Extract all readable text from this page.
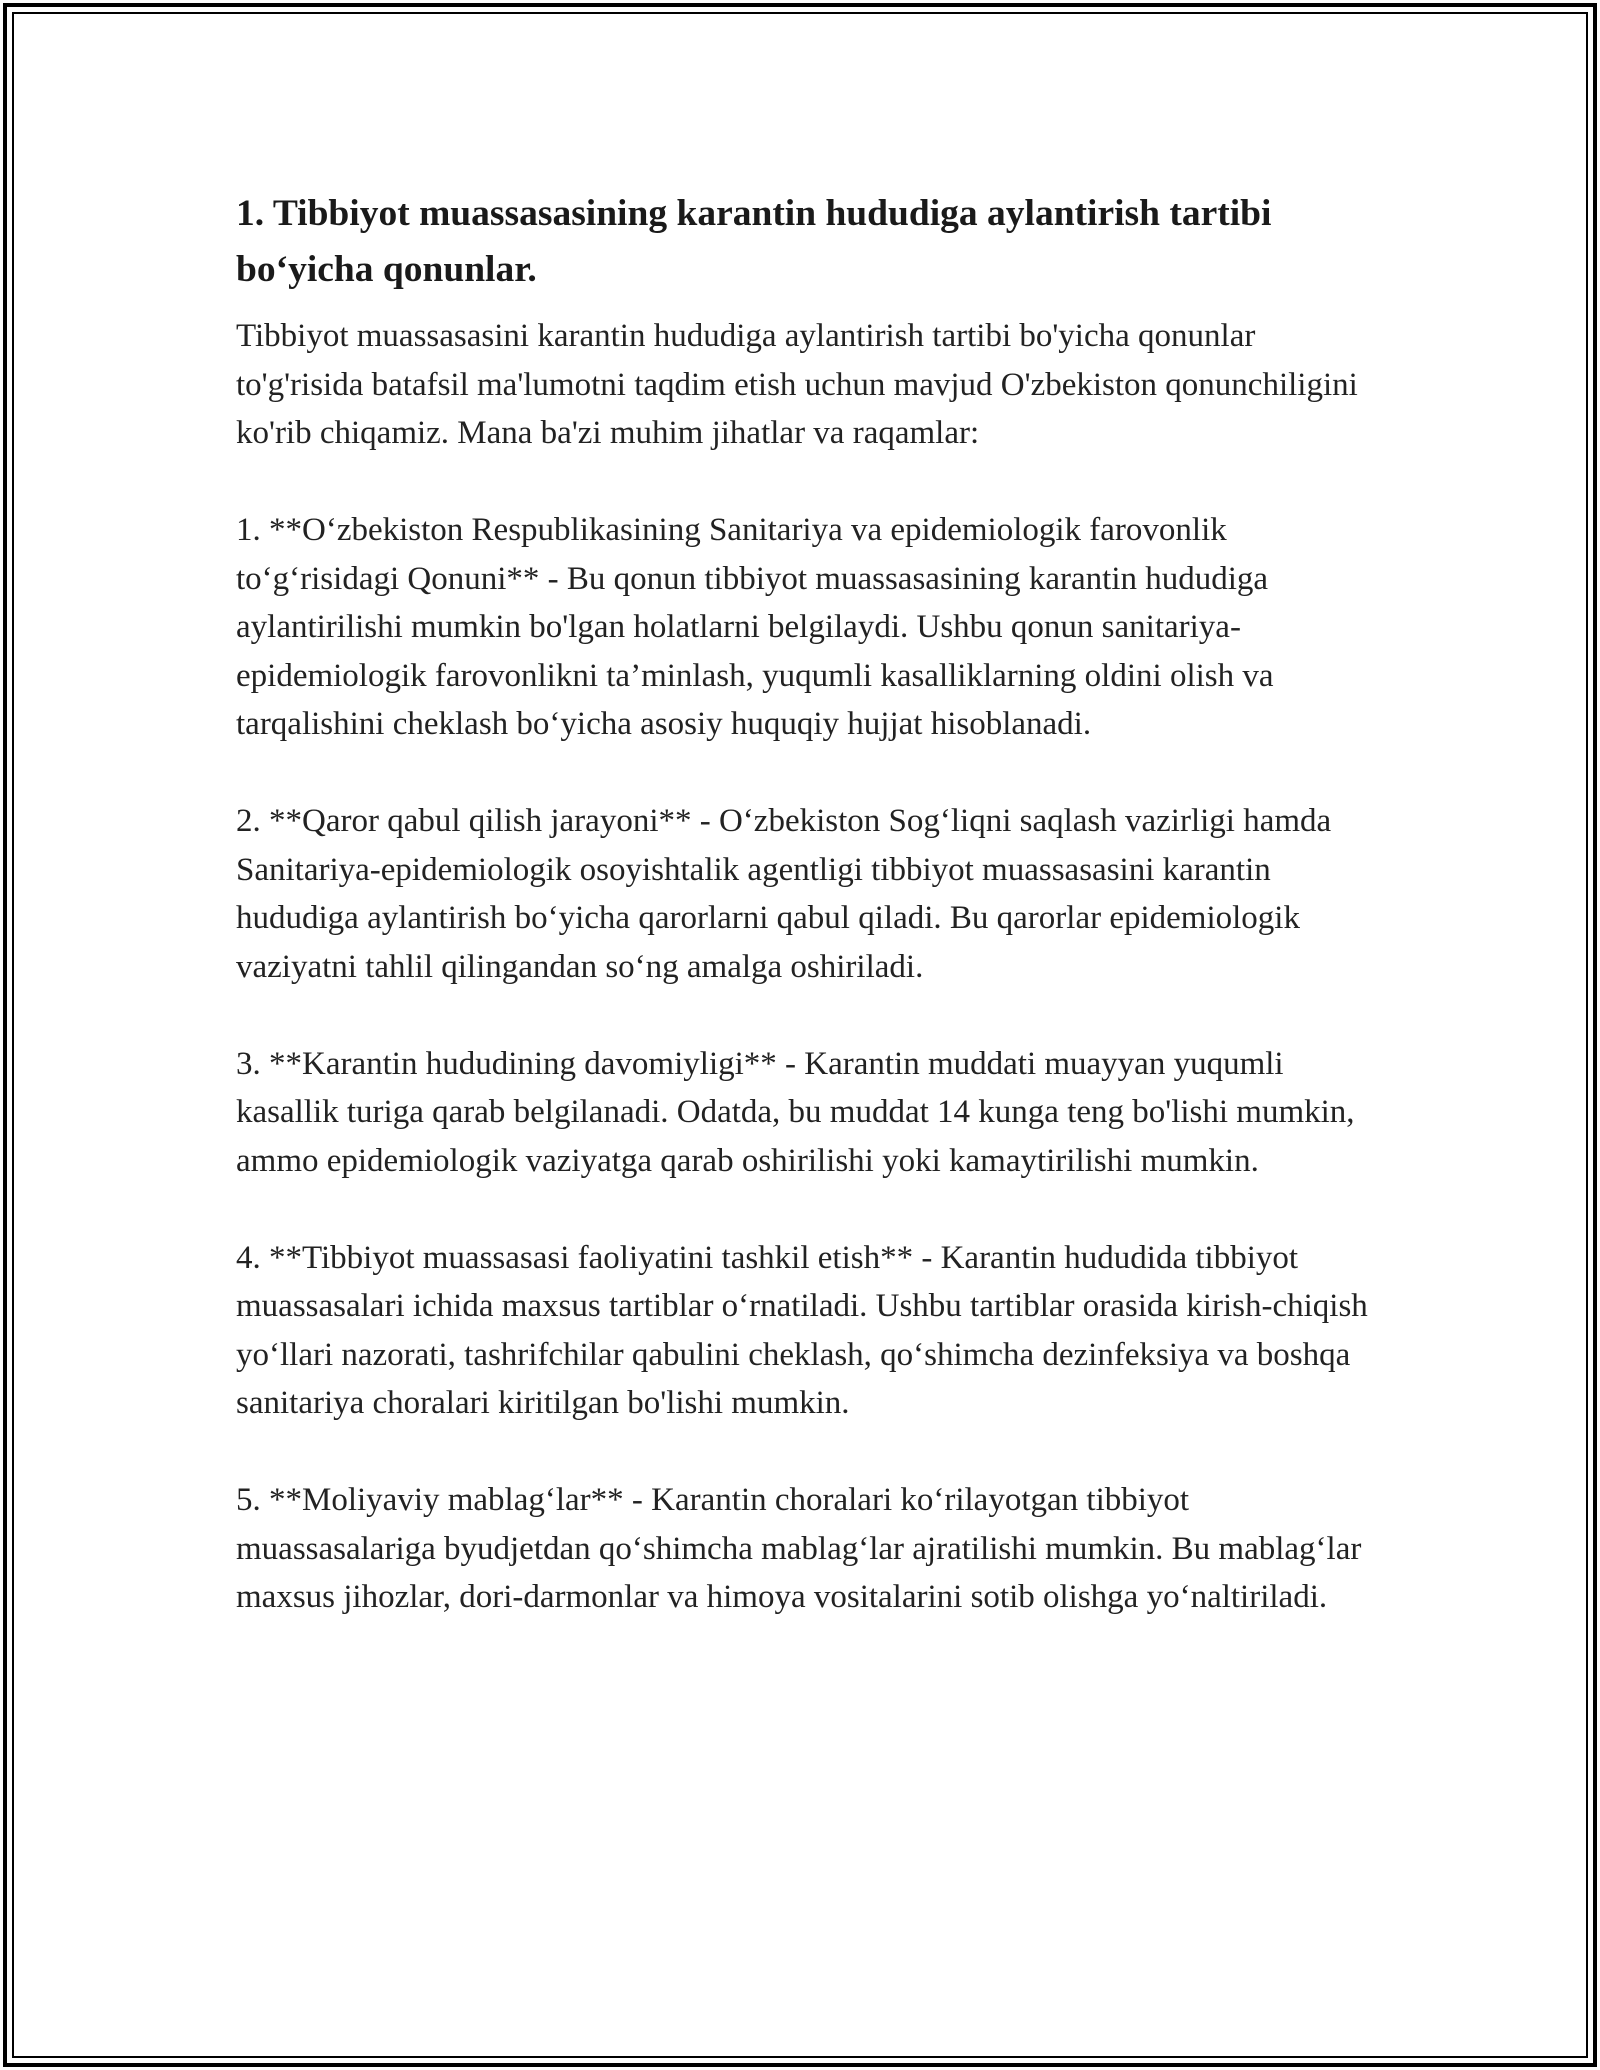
1. Tibbiyot muassasasining karantin hududiga aylantirish tartibi bo‘yicha qonunlar.

Tibbiyot muassasasini karantin hududiga aylantirish tartibi bo'yicha qonunlar to'g'risida batafsil ma'lumotni taqdim etish uchun mavjud O'zbekiston qonunchiligini ko'rib chiqamiz. Mana ba'zi muhim jihatlar va raqamlar:

1. **O‘zbekiston Respublikasining Sanitariya va epidemiologik farovonlik to‘g‘risidagi Qonuni** - Bu qonun tibbiyot muassasasining karantin hududiga aylantirilishi mumkin bo'lgan holatlarni belgilaydi. Ushbu qonun sanitariya-epidemiologik farovonlikni ta’minlash, yuqumli kasalliklarning oldini olish va tarqalishini cheklash bo‘yicha asosiy huquqiy hujjat hisoblanadi.

2. **Qaror qabul qilish jarayoni** - O‘zbekiston Sog‘liqni saqlash vazirligi hamda Sanitariya-epidemiologik osoyishtalik agentligi tibbiyot muassasasini karantin hududiga aylantirish bo‘yicha qarorlarni qabul qiladi. Bu qarorlar epidemiologik vaziyatni tahlil qilingandan so‘ng amalga oshiriladi.

3. **Karantin hududining davomiyligi** - Karantin muddati muayyan yuqumli kasallik turiga qarab belgilanadi. Odatda, bu muddat 14 kunga teng bo'lishi mumkin, ammo epidemiologik vaziyatga qarab oshirilishi yoki kamaytirilishi mumkin.

4. **Tibbiyot muassasasi faoliyatini tashkil etish** - Karantin hududida tibbiyot muassasalari ichida maxsus tartiblar o‘rnatiladi. Ushbu tartiblar orasida kirish-chiqish yo‘llari nazorati, tashrifchilar qabulini cheklash, qo‘shimcha dezinfeksiya va boshqa sanitariya choralari kiritilgan bo'lishi mumkin.

5. **Moliyaviy mablag‘lar** - Karantin choralari ko‘rilayotgan tibbiyot muassasalariga byudjetdan qo‘shimcha mablag‘lar ajratilishi mumkin. Bu mablag‘lar maxsus jihozlar, dori-darmonlar va himoya vositalarini sotib olishga yo‘naltiriladi.
